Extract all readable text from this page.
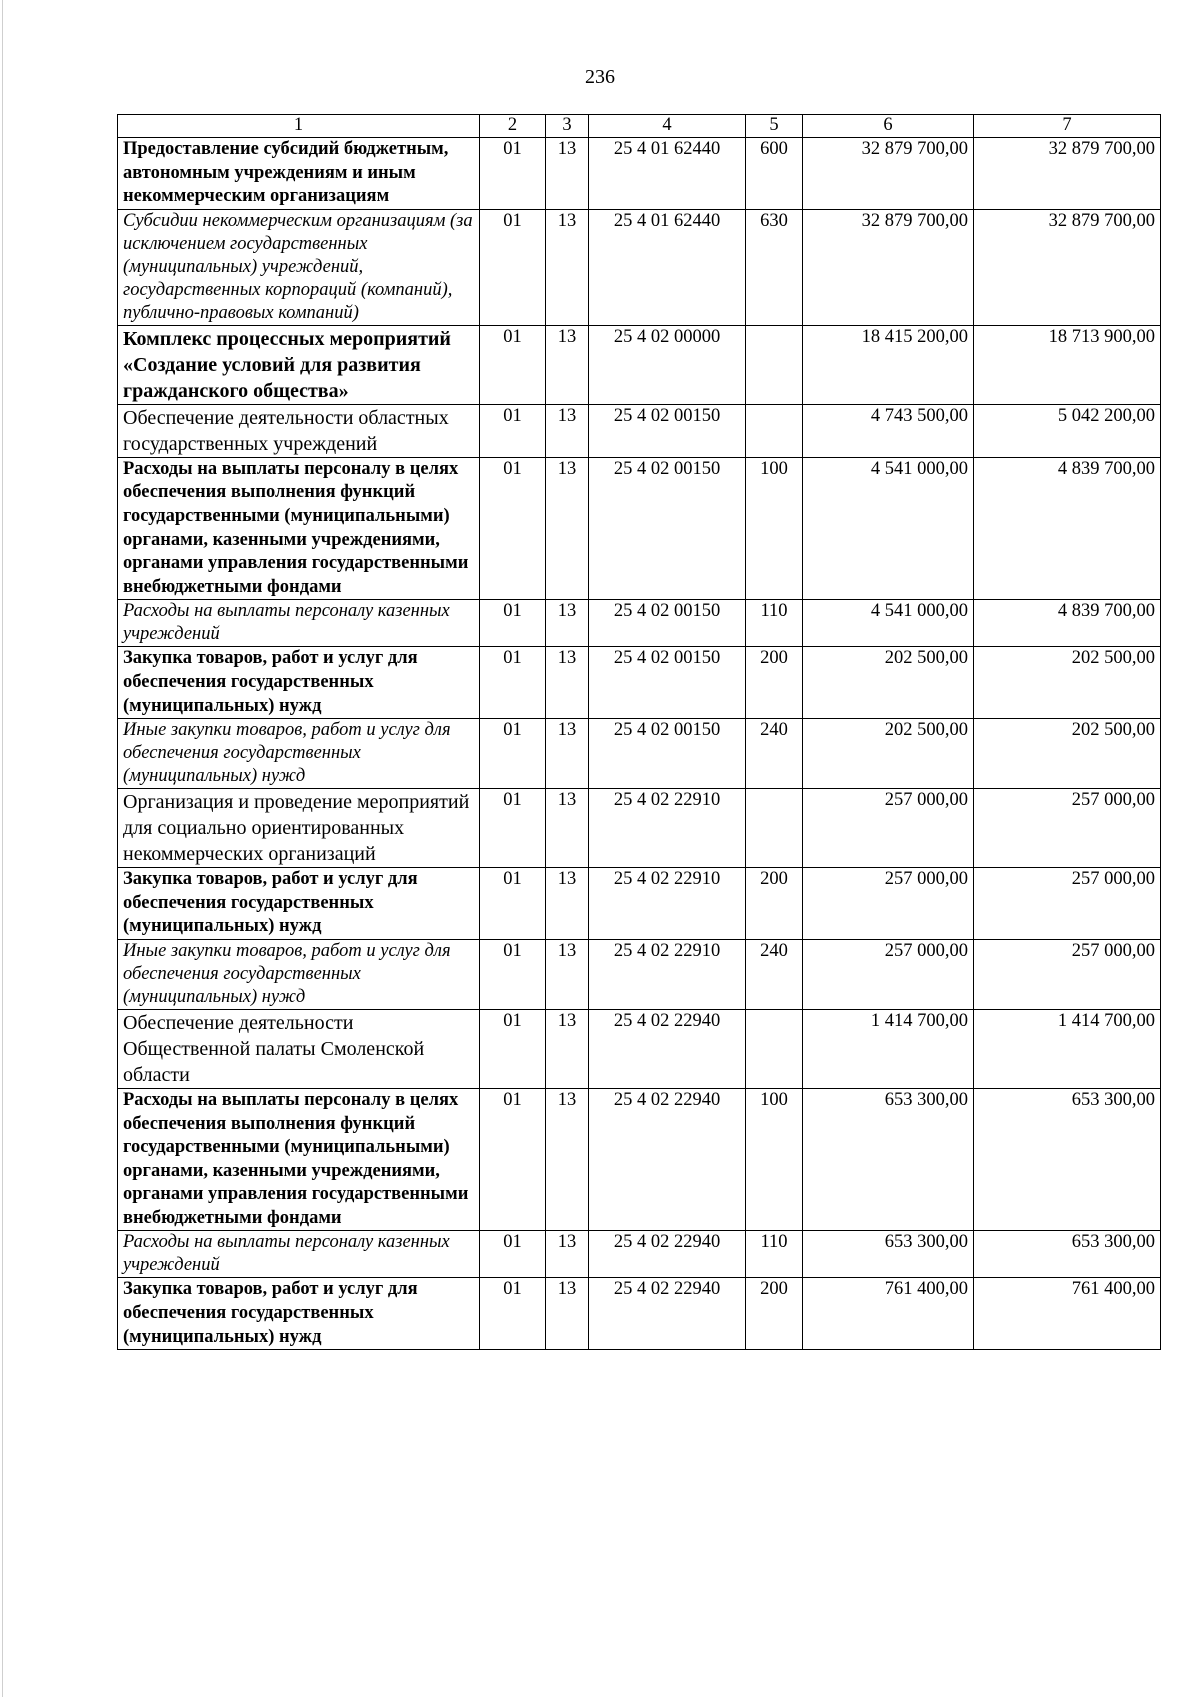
236
1	2	3	4	5	6	7
Предоставление субсидий бюджетным, автономным учреждениям и иным некоммерческим организациям	01	13	25 4 01 62440	600	32 879 700,00	32 879 700,00
Субсидии некоммерческим организациям (за исключением государственных (муниципальных) учреждений, государственных корпораций (компаний), публично-правовых компаний)	01	13	25 4 01 62440	630	32 879 700,00	32 879 700,00
Комплекс процессных мероприятий «Создание условий для развития гражданского общества»	01	13	25 4 02 00000		18 415 200,00	18 713 900,00
Обеспечение деятельности областных государственных учреждений	01	13	25 4 02 00150		4 743 500,00	5 042 200,00
Расходы на выплаты персоналу в целях обеспечения выполнения функций государственными (муниципальными) органами, казенными учреждениями, органами управления государственными внебюджетными фондами	01	13	25 4 02 00150	100	4 541 000,00	4 839 700,00
Расходы на выплаты персоналу казенных учреждений	01	13	25 4 02 00150	110	4 541 000,00	4 839 700,00
Закупка товаров, работ и услуг для обеспечения государственных (муниципальных) нужд	01	13	25 4 02 00150	200	202 500,00	202 500,00
Иные закупки товаров, работ и услуг для обеспечения государственных (муниципальных) нужд	01	13	25 4 02 00150	240	202 500,00	202 500,00
Организация и проведение мероприятий для социально ориентированных некоммерческих организаций	01	13	25 4 02 22910		257 000,00	257 000,00
Закупка товаров, работ и услуг для обеспечения государственных (муниципальных) нужд	01	13	25 4 02 22910	200	257 000,00	257 000,00
Иные закупки товаров, работ и услуг для обеспечения государственных (муниципальных) нужд	01	13	25 4 02 22910	240	257 000,00	257 000,00
Обеспечение деятельности Общественной палаты Смоленской области	01	13	25 4 02 22940		1 414 700,00	1 414 700,00
Расходы на выплаты персоналу в целях обеспечения выполнения функций государственными (муниципальными) органами, казенными учреждениями, органами управления государственными внебюджетными фондами	01	13	25 4 02 22940	100	653 300,00	653 300,00
Расходы на выплаты персоналу казенных учреждений	01	13	25 4 02 22940	110	653 300,00	653 300,00
Закупка товаров, работ и услуг для обеспечения государственных (муниципальных) нужд	01	13	25 4 02 22940	200	761 400,00	761 400,00
